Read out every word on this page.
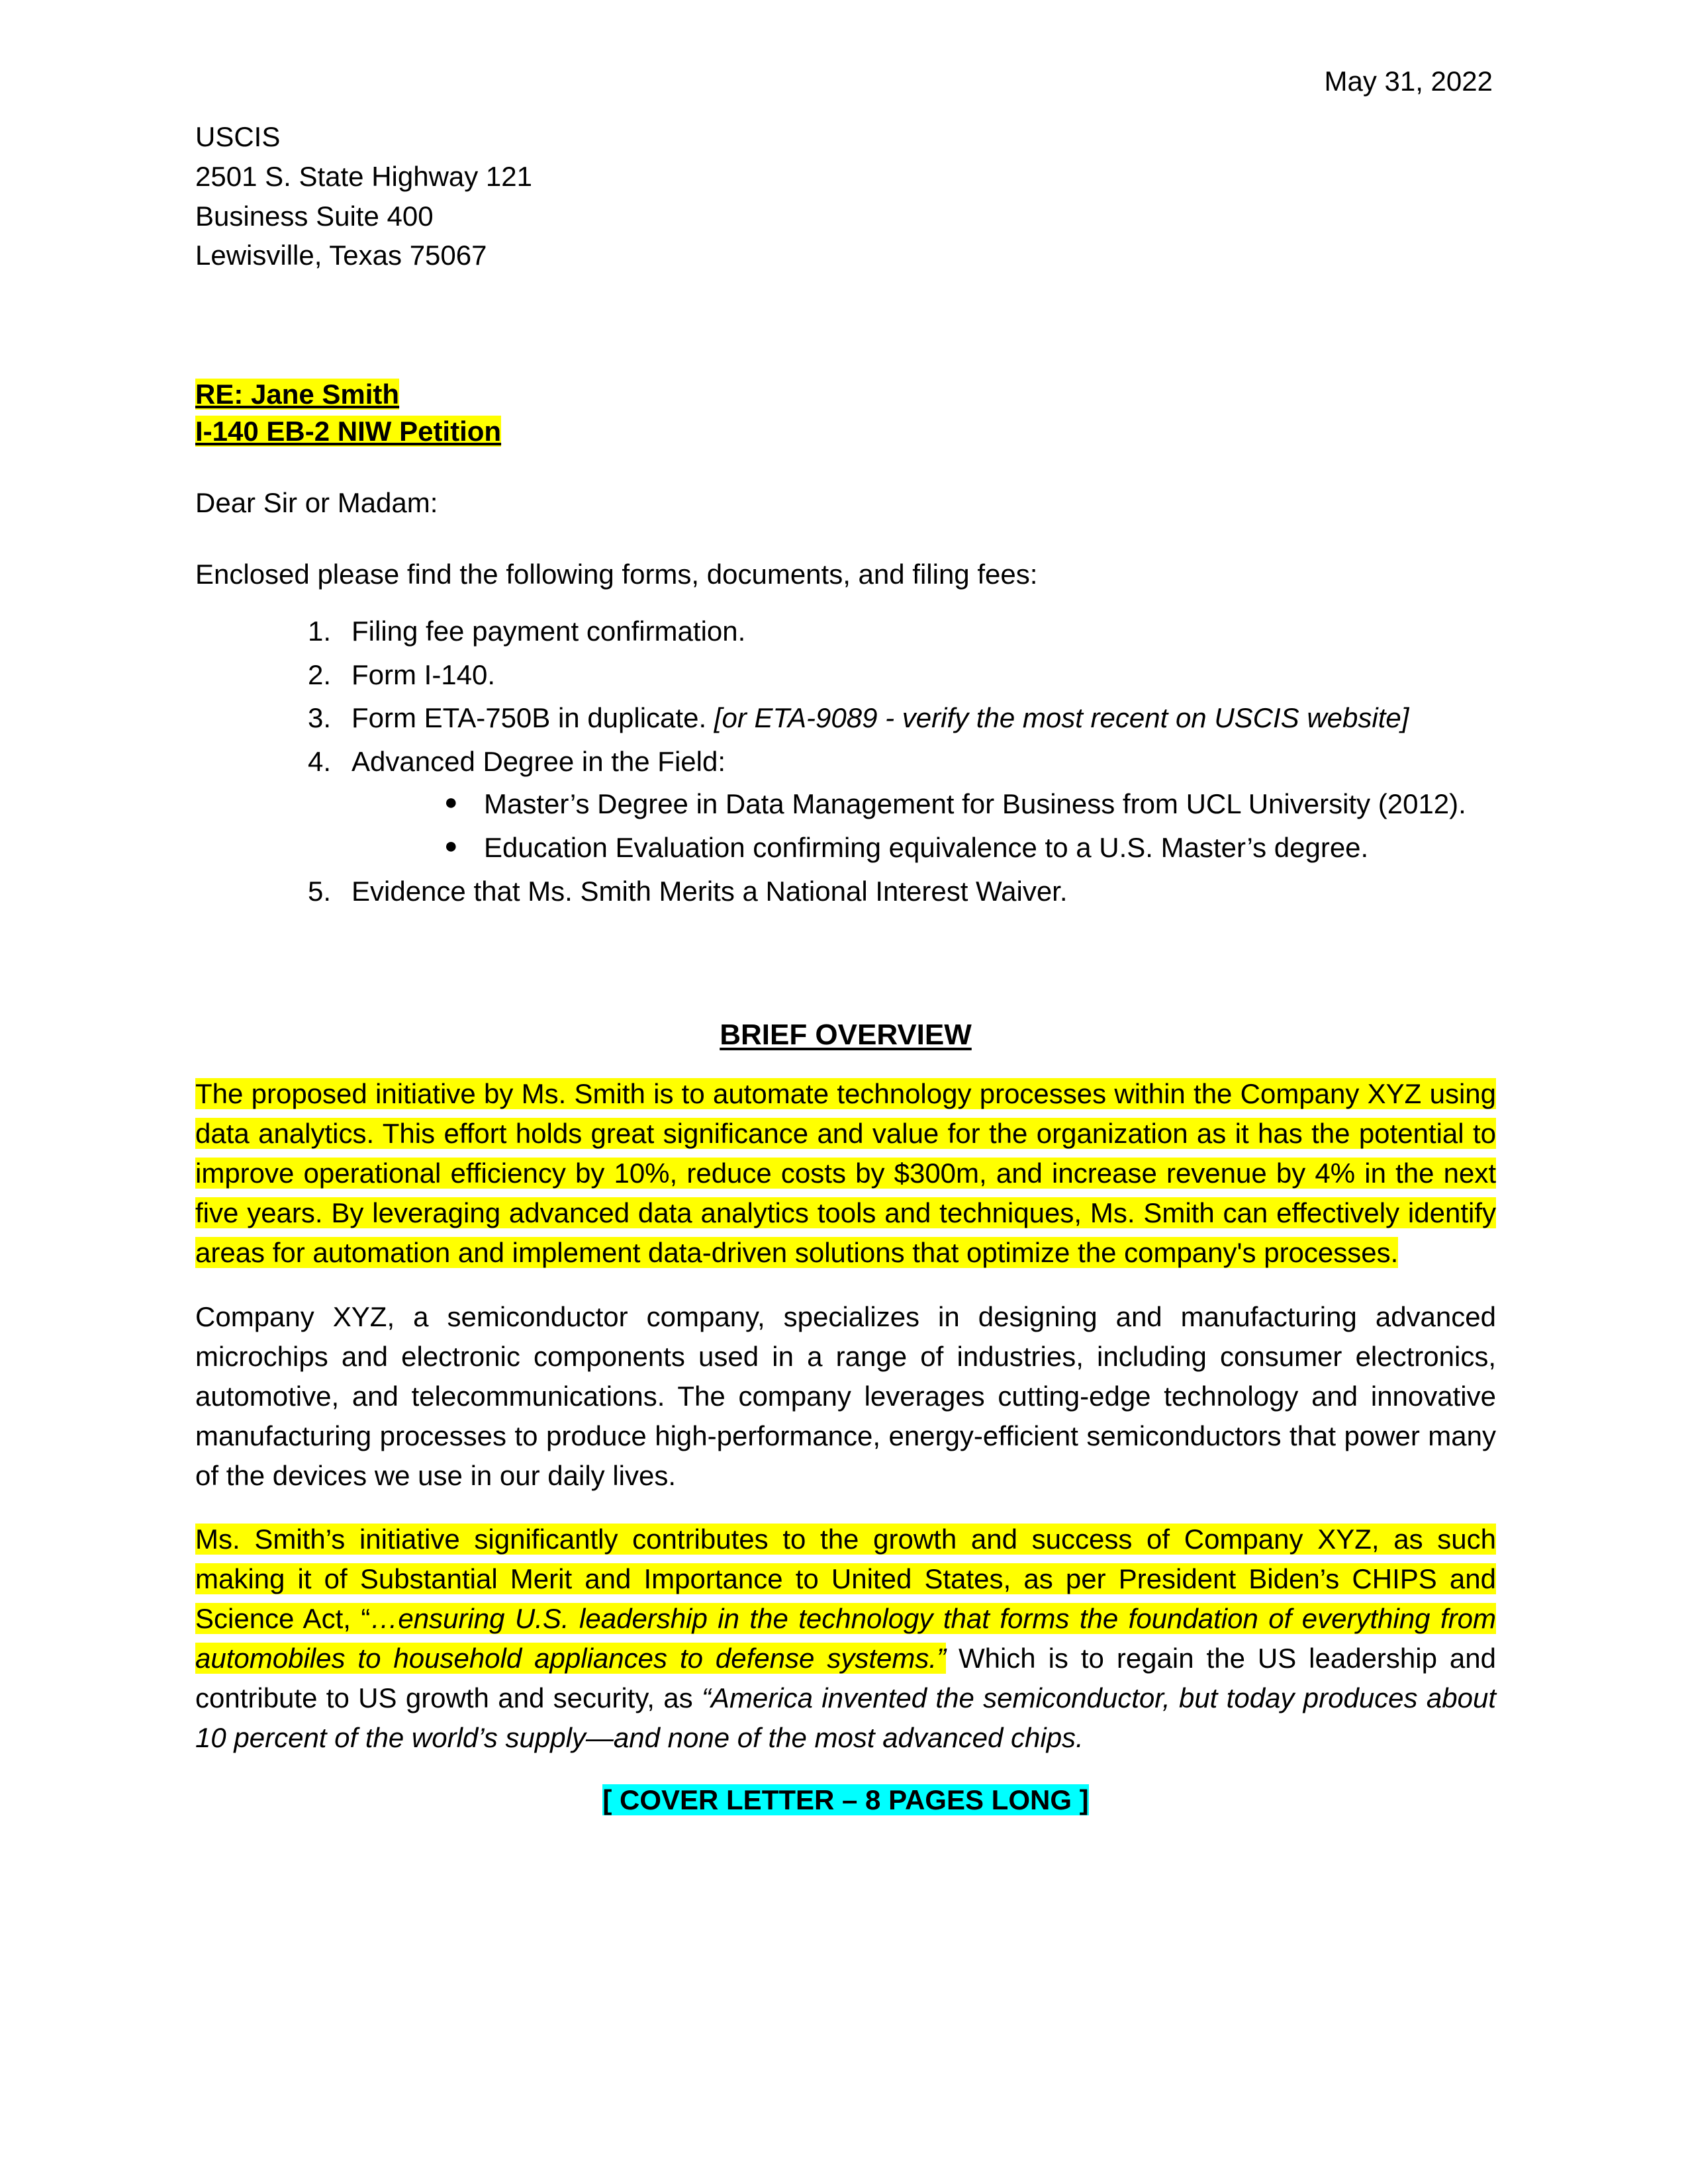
May 31, 2022
USCIS
2501 S. State Highway 121
Business Suite 400
Lewisville, Texas 75067
RE: Jane Smith
I-140 EB-2 NIW Petition
Dear Sir or Madam:
Enclosed please find the following forms, documents, and filing fees:
Filing fee payment confirmation.
Form I-140.
Form ETA-750B in duplicate. [or ETA-9089 - verify the most recent on USCIS website]
Advanced Degree in the Field:
● Master’s Degree in Data Management for Business from UCL University (2012).
● Education Evaluation confirming equivalence to a U.S. Master’s degree.
Evidence that Ms. Smith Merits a National Interest Waiver.
BRIEF OVERVIEW

The proposed initiative by Ms. Smith is to automate technology processes within the Company XYZ using data analytics. This effort holds great significance and value for the organization as it has the potential to improve operational efficiency by 10%, reduce costs by $300m, and increase revenue by 4% in the next five years. By leveraging advanced data analytics tools and techniques, Ms. Smith can effectively identify areas for automation and implement data-driven solutions that optimize the company's processes.

Company XYZ, a semiconductor company, specializes in designing and manufacturing advanced microchips and electronic components used in a range of industries, including consumer electronics, automotive, and telecommunications. The company leverages cutting-edge technology and innovative manufacturing processes to produce high-performance, energy-efficient semiconductors that power many of the devices we use in our daily lives.

Ms. Smith’s initiative significantly contributes to the growth and success of Company XYZ, as such making it of Substantial Merit and Importance to United States, as per President Biden’s CHIPS and Science Act, “…ensuring U.S. leadership in the technology that forms the foundation of everything from automobiles to household appliances to defense systems.” Which is to regain the US leadership and contribute to US growth and security, as “America invented the semiconductor, but today produces about 10 percent of the world’s supply—and none of the most advanced chips.

[ COVER LETTER – 8 PAGES LONG ]
